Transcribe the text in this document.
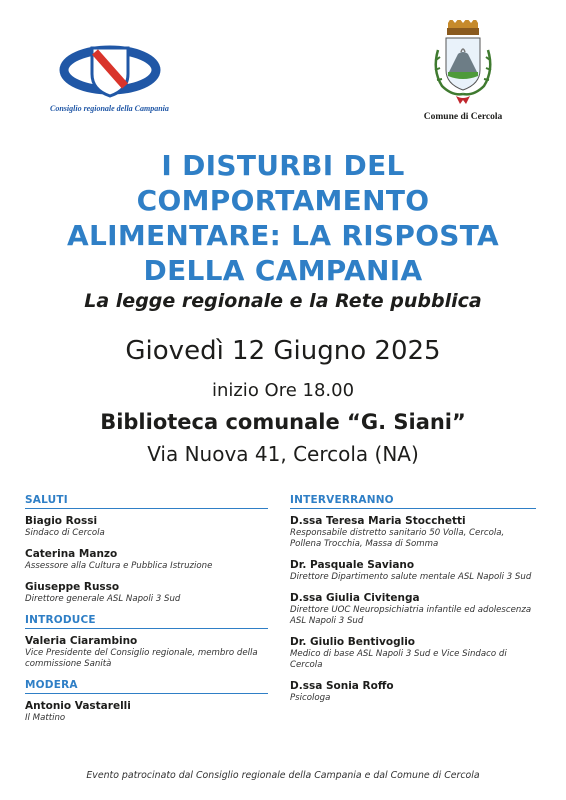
Consiglio regionale della Campania
Comune di Cercola
I DISTURBI DEL
COMPORTAMENTO
ALIMENTARE: LA RISPOSTA
DELLA CAMPANIA
La legge regionale e la Rete pubblica
Giovedì 12 Giugno 2025
inizio Ore 18.00
Biblioteca comunale “G. Siani”
Via Nuova 41, Cercola (NA)
SALUTI
Biagio Rossi
Sindaco di Cercola
Caterina Manzo
Assessore alla Cultura e Pubblica Istruzione
Giuseppe Russo
Direttore generale ASL Napoli 3 Sud
INTRODUCE
Valeria Ciarambino
Vice Presidente del Consiglio regionale, membro della commissione Sanità
MODERA
Antonio Vastarelli
Il Mattino
INTERVERRANNO
D.ssa Teresa Maria Stocchetti
Responsabile distretto sanitario 50 Volla, Cercola, Pollena Trocchia, Massa di Somma
Dr. Pasquale Saviano
Direttore Dipartimento salute mentale ASL Napoli 3 Sud
D.ssa Giulia Civitenga
Direttore UOC Neuropsichiatria infantile ed adolescenza ASL Napoli 3 Sud
Dr. Giulio Bentivoglio
Medico di base ASL Napoli 3 Sud e Vice Sindaco di Cercola
D.ssa Sonia Roffo
Psicologa
Evento patrocinato dal Consiglio regionale della Campania e dal Comune di Cercola
